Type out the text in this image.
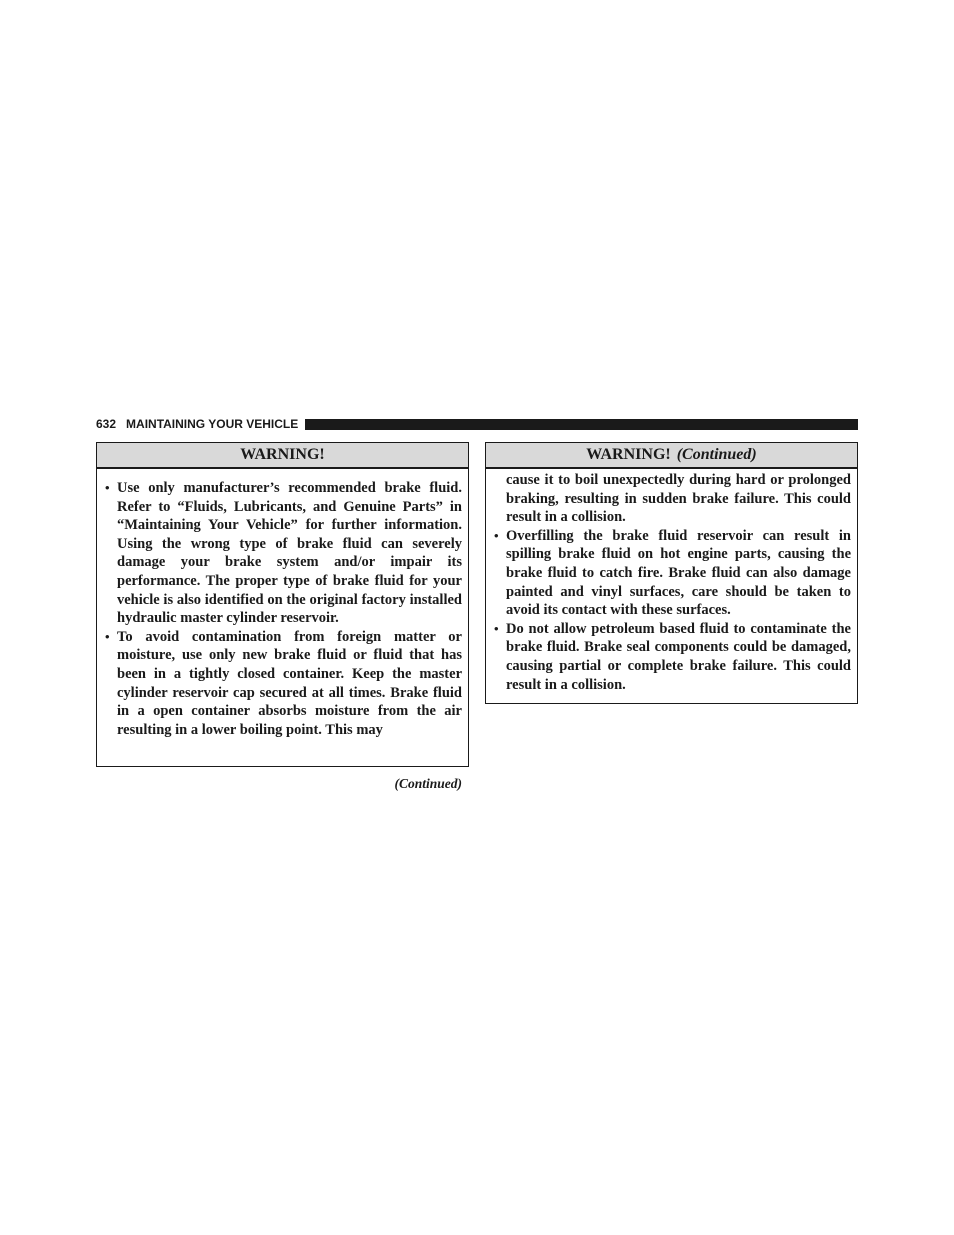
632 MAINTAINING YOUR VEHICLE
WARNING!
• Use only manufacturer’s recommended brake fluid. Refer to “Fluids, Lubricants, and Genuine Parts” in “Maintaining Your Vehicle” for further information. Using the wrong type of brake fluid can severely damage your brake system and/or impair its performance. The proper type of brake fluid for your vehicle is also identified on the original factory installed hydraulic master cylinder reservoir.
• To avoid contamination from foreign matter or moisture, use only new brake fluid or fluid that has been in a tightly closed container. Keep the master cylinder reservoir cap secured at all times. Brake fluid in a open container absorbs moisture from the air resulting in a lower boiling point. This may
(Continued)
WARNING! (Continued)
cause it to boil unexpectedly during hard or prolonged braking, resulting in sudden brake failure. This could result in a collision.
• Overfilling the brake fluid reservoir can result in spilling brake fluid on hot engine parts, causing the brake fluid to catch fire. Brake fluid can also damage painted and vinyl surfaces, care should be taken to avoid its contact with these surfaces.
• Do not allow petroleum based fluid to contaminate the brake fluid. Brake seal components could be damaged, causing partial or complete brake failure. This could result in a collision.
